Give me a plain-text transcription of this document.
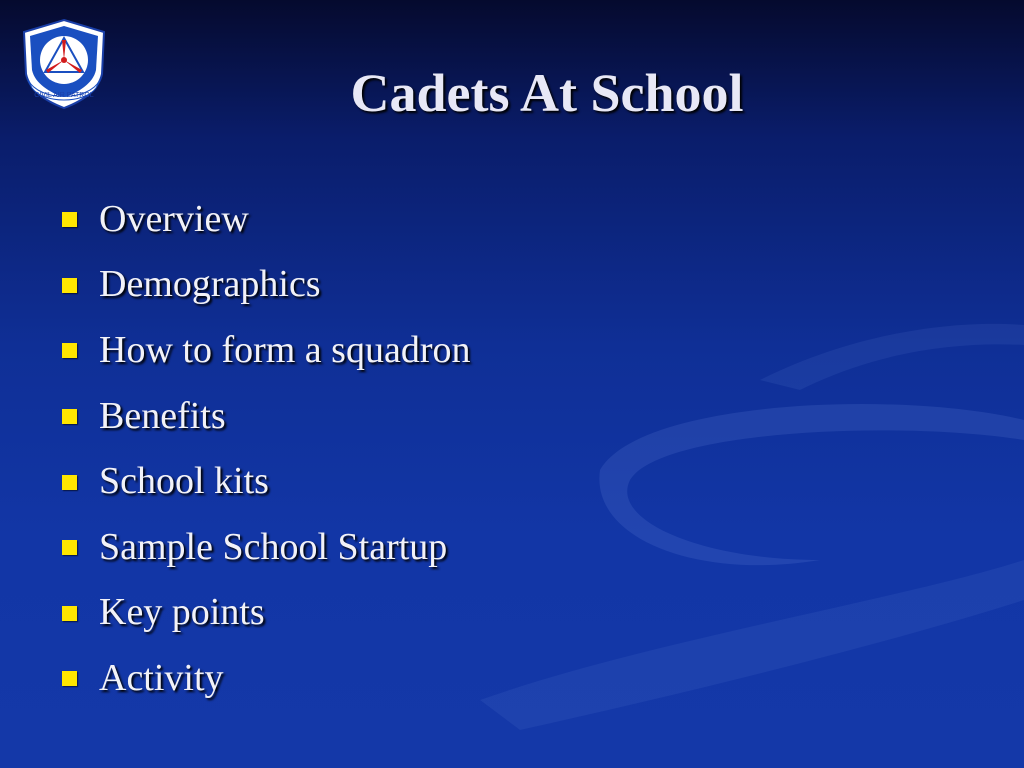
CIVIL AIR PATROL	Cadets At School
Overview
Demographics
How to form a squadron
Benefits
School kits
Sample School Startup
Key points
Activity
